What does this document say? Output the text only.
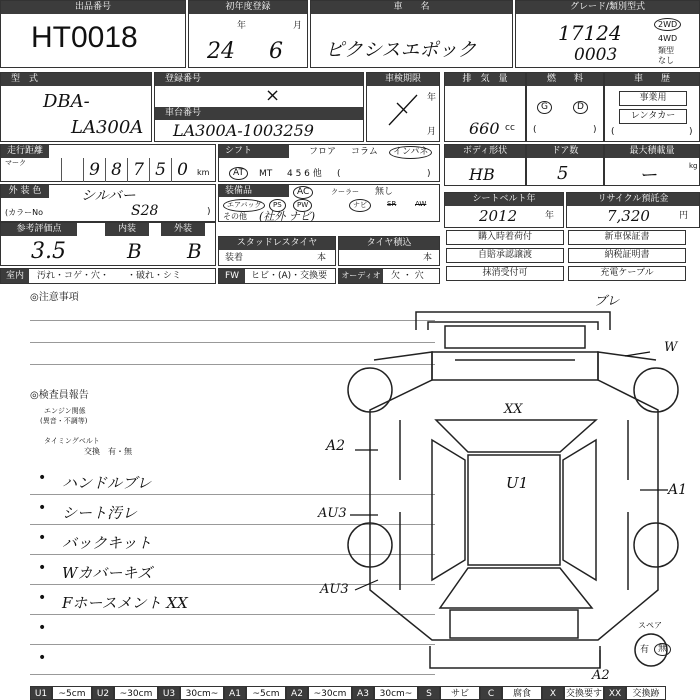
出品番号
HT0018
初年度登録
年	月
24 6
車　　名
ピクシスエポック
グレード/類別型式
17124
0003
2WD
4WD
類型
なし
型　式
DBA-
LA300A
登録番号
×
車台番号
LA300A-1003259
車検期限
年
月
排　気　量
660 cc
燃　　料
G	D
(	)
車　　歴
事業用
レンタカー
(	)
走行距離
マーク	9 8 7 5 0	km
シフト	フロア コラム	インパネ
AT	MT 4 5 6 他 (	)
ボディ形状
HB
ドア数
5
最大積載量
ー	kg
外 装 色	シルバー
(カラーNo	S28	)
装備品	AC	クーラー 無し
エアバッグ	PS	PW	ナビ	SR	AW
その他 (社外 ナビ)
シートベルト年
2012	年
リサイクル預託金
7,320	円
参考評価点	内装	外装
3.5	B B	スタッドレスタイヤ
装着	本
タイヤ積込
本
購入時着荷付	新車保証書
自賠承認譲渡	納税証明書
抹消受付可	充電ケーブル
室内	汚れ・コゲ・穴・　　・破れ・シミ	FW	ヒビ・(A)・交換要 オーディオ 欠 ・ 穴
◎注意事項
◎検査員報告
エンジン関係
(異音・不調等)
タイミングベルト
交換　有・無
• ハンドルブレ
• シート汚レ
• バックキット
• Wカバーキズ
• Fホースメント XX
•
•
ブレ
W
XX
U1
A2
A1
AU3
AU3
A2
スペア
有 無
U1	~5cm	U2	~30cm	U3	30cm~	A1	~5cm	A2	~30cm	A3	30cm~	S	サビ	C	腐食	X	交換要す XX	交換跡
